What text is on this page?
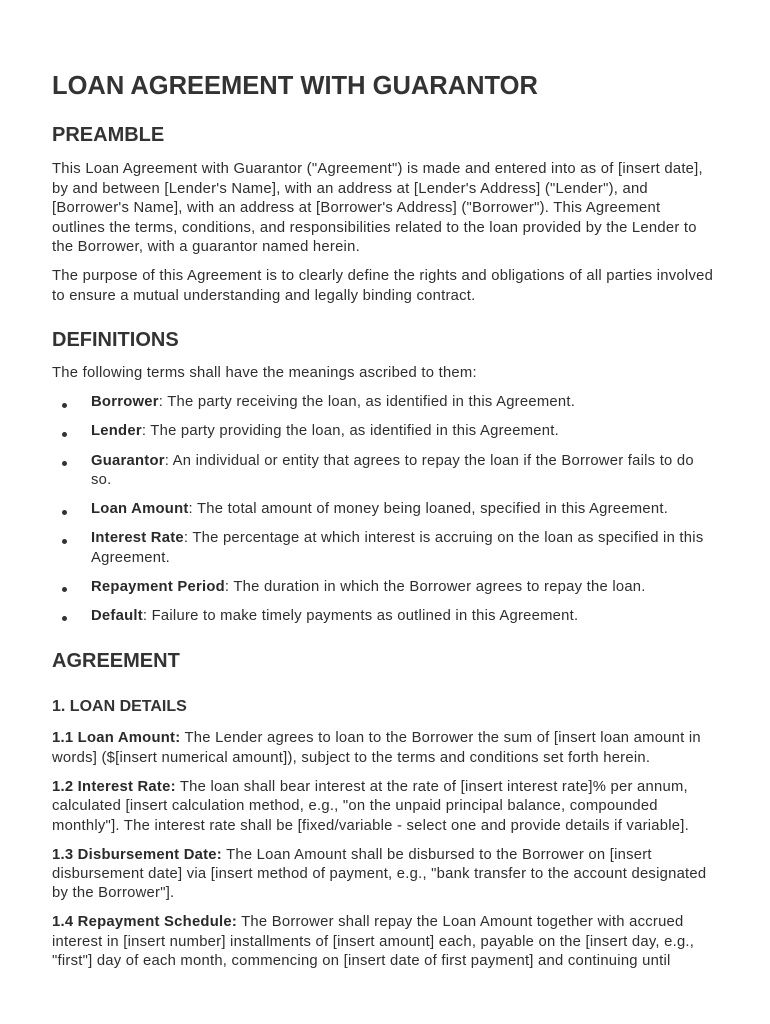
LOAN AGREEMENT WITH GUARANTOR
PREAMBLE
This Loan Agreement with Guarantor ("Agreement") is made and entered into as of [insert date],
by and between [Lender's Name], with an address at [Lender's Address] ("Lender"), and
[Borrower's Name], with an address at [Borrower's Address] ("Borrower"). This Agreement
outlines the terms, conditions, and responsibilities related to the loan provided by the Lender to
the Borrower, with a guarantor named herein.
The purpose of this Agreement is to clearly define the rights and obligations of all parties involved
to ensure a mutual understanding and legally binding contract.
DEFINITIONS
The following terms shall have the meanings ascribed to them:
Borrower: The party receiving the loan, as identified in this Agreement.
Lender: The party providing the loan, as identified in this Agreement.
Guarantor: An individual or entity that agrees to repay the loan if the Borrower fails to do
so.
Loan Amount: The total amount of money being loaned, specified in this Agreement.
Interest Rate: The percentage at which interest is accruing on the loan as specified in this
Agreement.
Repayment Period: The duration in which the Borrower agrees to repay the loan.
Default: Failure to make timely payments as outlined in this Agreement.
AGREEMENT
1. LOAN DETAILS
1.1 Loan Amount: The Lender agrees to loan to the Borrower the sum of [insert loan amount in
words] ($[insert numerical amount]), subject to the terms and conditions set forth herein.
1.2 Interest Rate: The loan shall bear interest at the rate of [insert interest rate]% per annum,
calculated [insert calculation method, e.g., "on the unpaid principal balance, compounded
monthly"]. The interest rate shall be [fixed/variable - select one and provide details if variable].
1.3 Disbursement Date: The Loan Amount shall be disbursed to the Borrower on [insert
disbursement date] via [insert method of payment, e.g., "bank transfer to the account designated
by the Borrower"].
1.4 Repayment Schedule: The Borrower shall repay the Loan Amount together with accrued
interest in [insert number] installments of [insert amount] each, payable on the [insert day, e.g.,
"first"] day of each month, commencing on [insert date of first payment] and continuing until
